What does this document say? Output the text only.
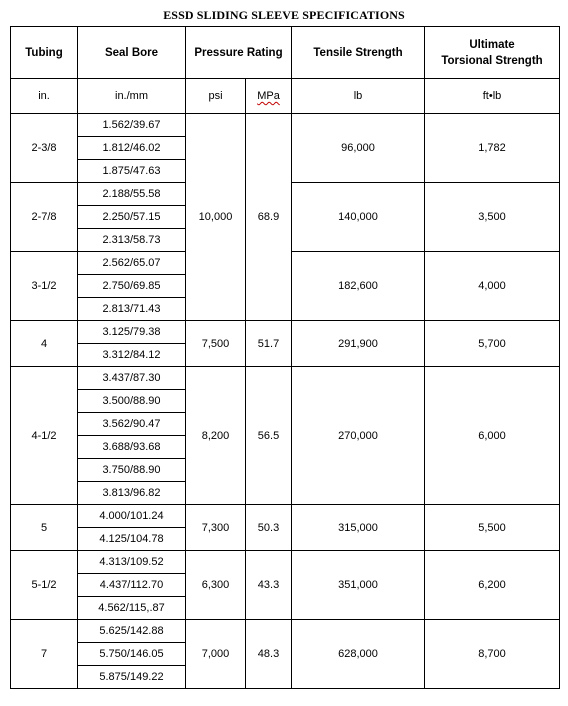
ESSD SLIDING SLEEVE SPECIFICATIONS
Tubing	Seal Bore	Pressure Rating		Tensile Strength	Ultimate
Torsional Strength
in.	in./mm	psi	MPa	lb	ft•lb
2-3/8	1.562/39.67	10,000	68.9	96,000	1,782
	1.812/46.02				
	1.875/47.63				
2-7/8	2.188/55.58			140,000	3,500
	2.250/57.15				
	2.313/58.73				
3-1/2	2.562/65.07			182,600	4,000
	2.750/69.85				
	2.813/71.43				
4	3.125/79.38	7,500	51.7	291,900	5,700
	3.312/84.12				
4-1/2	3.437/87.30	8,200	56.5	270,000	6,000
	3.500/88.90				
	3.562/90.47				
	3.688/93.68				
	3.750/88.90				
	3.813/96.82				
5	4.000/101.24	7,300	50.3	315,000	5,500
	4.125/104.78				
5-1/2	4.313/109.52	6,300	43.3	351,000	6,200
	4.437/112.70				
	4.562/115,.87				
7	5.625/142.88	7,000	48.3	628,000	8,700
	5.750/146.05				
	5.875/149.22				
